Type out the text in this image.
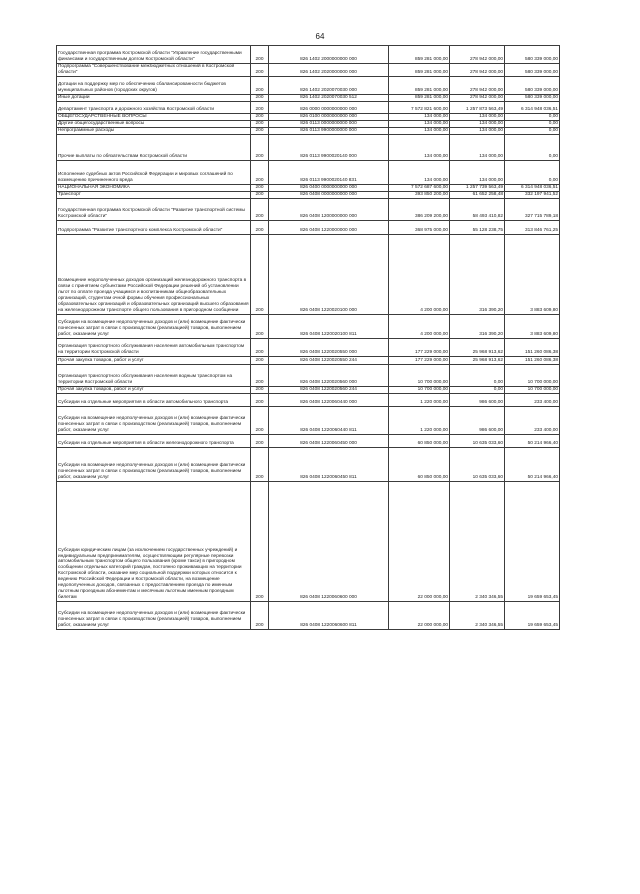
64
Государственная программа Костромской области "Управление государственными финансами и государственным долгом Костромской области"	200	826 1402 2000000000 000	859 281 000,00	278 942 000,00	580 339 000,00
Подпрограмма "Совершенствование межбюджетных отношений в Костромской области"	200	826 1402 2020000000 000	859 281 000,00	278 942 000,00	580 339 000,00
Дотации на поддержку мер по обеспечению сбалансированности бюджетов муниципальных районов (городских округов)	200	826 1402 2020070030 000	859 281 000,00	278 942 000,00	580 339 000,00
Иные дотации	200	826 1402 2020070030 512	859 281 000,00	278 942 000,00	580 339 000,00
Департамент транспорта и дорожного хозяйства Костромской области	200	826 0000 0000000000 000	7 572 821 600,00	1 257 873 563,49	6 314 948 036,51
ОБЩЕГОСУДАРСТВЕННЫЕ ВОПРОСЫ	200	826 0100 0000000000 000	134 000,00	134 000,00	0,00
Другие общегосударственные вопросы	200	826 0113 0000000000 000	134 000,00	134 000,00	0,00
Непрограммные расходы	200	826 0113 9900000000 000	134 000,00	134 000,00	0,00
Прочие выплаты по обязательствам Костромской области	200	826 0113 9900020140 000	134 000,00	134 000,00	0,00
Исполнение судебных актов Российской Федерации и мировых соглашений по возмещению причиненного вреда	200	826 0113 9900020140 831	134 000,00	134 000,00	0,00
НАЦИОНАЛЬНАЯ ЭКОНОМИКА	200	826 0400 0000000000 000	7 572 687 600,00	1 257 739 563,49	6 314 948 036,51
Транспорт	200	826 0408 0000000000 000	393 850 200,00	61 652 258,48	332 197 941,52
Государственная программа Костромской области "Развитие транспортной системы Костромской области"	200	826 0408 1200000000 000	386 209 200,00	58 493 410,82	327 715 789,18
Подпрограмма "Развитие транспортного комплекса Костромской области"	200	826 0408 1220000000 000	368 975 000,00	55 128 238,75	313 846 761,25
Возмещение недополученных доходов организаций железнодорожного транспорта в связи с принятием субъектами Российской Федерации решений об установлении льгот по оплате проезда учащимся и воспитанникам общеобразовательных организаций, студентам очной формы обучения профессиональных образовательных организаций и образовательных организаций высшего образования на железнодорожном транспорте общего пользования в пригородном сообщении	200	826 0408 1220020100 000	4 200 000,00	316 390,20	3 883 609,80
Субсидии на возмещение недополученных доходов и (или) возмещение фактически понесенных затрат в связи с производством (реализацией) товаров, выполнением работ, оказанием услуг	200	826 0408 1220020100 811	4 200 000,00	316 390,20	3 883 609,80
Организация транспортного обслуживания населения автомобильным транспортом на территории Костромской области	200	826 0408 1220020550 000	177 229 000,00	25 968 913,62	151 260 086,38
Прочая закупка товаров, работ и услуг	200	826 0408 1220020550 244	177 229 000,00	25 968 913,62	151 260 086,38
Организация транспортного обслуживания населения водным транспортом на территории Костромской области	200	826 0408 1220020560 000	10 700 000,00	0,00	10 700 000,00
Прочая закупка товаров, работ и услуг	200	826 0408 1220020560 244	10 700 000,00	0,00	10 700 000,00
Субсидии на отдельные мероприятия в области автомобильного транспорта	200	826 0408 1220060440 000	1 220 000,00	986 600,00	233 400,00
Субсидии на возмещение недополученных доходов и (или) возмещение фактически понесенных затрат в связи с производством (реализацией) товаров, выполнением работ, оказанием услуг	200	826 0408 1220060440 811	1 220 000,00	986 600,00	233 400,00
Субсидии на отдельные мероприятия в области железнодорожного транспорта	200	826 0408 1220060450 000	60 850 000,00	10 635 033,60	50 214 966,40
Субсидии на возмещение недополученных доходов и (или) возмещение фактически понесенных затрат в связи с производством (реализацией) товаров, выполнением работ, оказанием услуг	200	826 0408 1220060450 811	60 850 000,00	10 635 033,60	50 214 966,40
Субсидии юридическим лицам (за исключением государственных учреждений) и индивидуальным предпринимателям, осуществляющим регулярные перевозки автомобильным транспортом общего пользования (кроме такси) в пригородном сообщении отдельных категорий граждан, постоянно проживающих на территории Костромской области, оказание мер социальной поддержки которых относится к ведению Российской Федерации и Костромской области, на возмещение недополученных доходов, связанных с предоставлением проезда по именным льготным проездным абонементам и месячным льготным именным проездным билетам	200	826 0408 1220060600 000	22 000 000,00	2 340 346,55	19 659 653,45
Субсидии на возмещение недополученных доходов и (или) возмещение фактически понесенных затрат в связи с производством (реализацией) товаров, выполнением работ, оказанием услуг	200	826 0408 1220060600 811	22 000 000,00	2 340 346,55	19 659 653,45
